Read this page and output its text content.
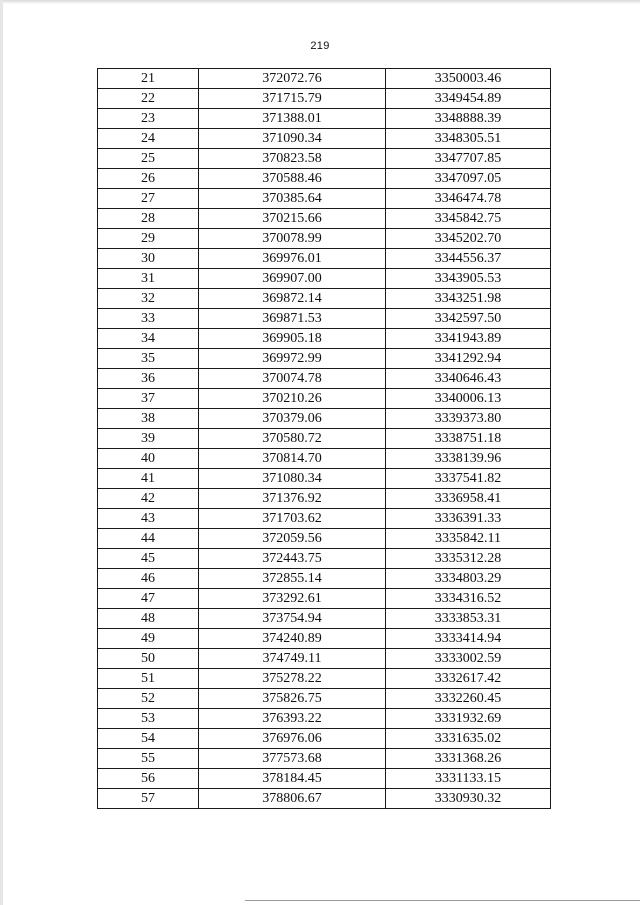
219
21	372072.76	3350003.46
22	371715.79	3349454.89
23	371388.01	3348888.39
24	371090.34	3348305.51
25	370823.58	3347707.85
26	370588.46	3347097.05
27	370385.64	3346474.78
28	370215.66	3345842.75
29	370078.99	3345202.70
30	369976.01	3344556.37
31	369907.00	3343905.53
32	369872.14	3343251.98
33	369871.53	3342597.50
34	369905.18	3341943.89
35	369972.99	3341292.94
36	370074.78	3340646.43
37	370210.26	3340006.13
38	370379.06	3339373.80
39	370580.72	3338751.18
40	370814.70	3338139.96
41	371080.34	3337541.82
42	371376.92	3336958.41
43	371703.62	3336391.33
44	372059.56	3335842.11
45	372443.75	3335312.28
46	372855.14	3334803.29
47	373292.61	3334316.52
48	373754.94	3333853.31
49	374240.89	3333414.94
50	374749.11	3333002.59
51	375278.22	3332617.42
52	375826.75	3332260.45
53	376393.22	3331932.69
54	376976.06	3331635.02
55	377573.68	3331368.26
56	378184.45	3331133.15
57	378806.67	3330930.32
